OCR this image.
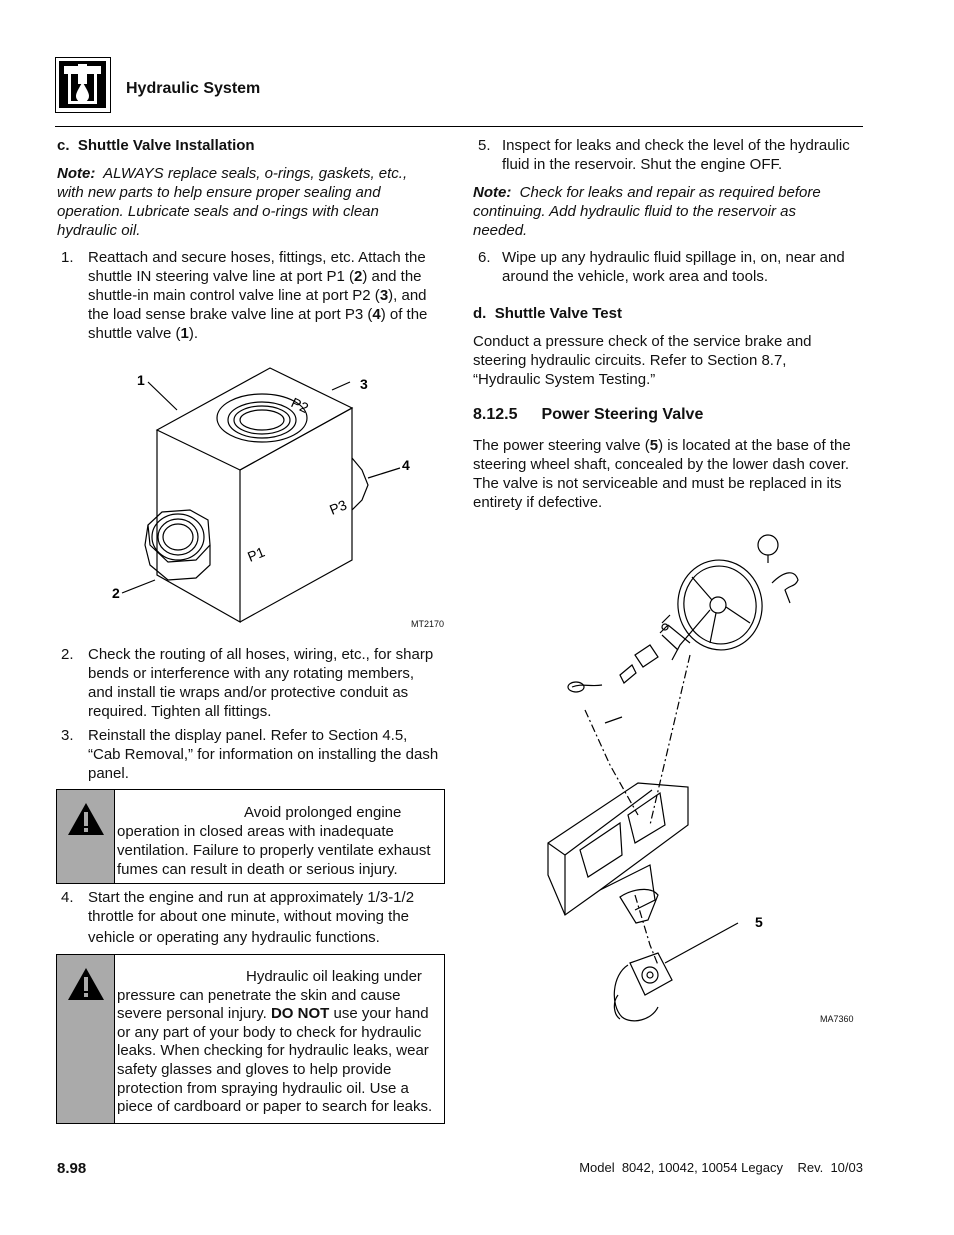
Hydraulic System
c. Shuttle Valve Installation
Note: ALWAYS replace seals, o-rings, gaskets, etc., with new parts to help ensure proper sealing and operation. Lubricate seals and o-rings with clean hydraulic oil.
1. Reattach and secure hoses, fittings, etc. Attach the
shuttle IN steering valve line at port P1 (2) and the
shuttle-in main control valve line at port P2 (3), and
the load sense brake valve line at port P3 (4) of the
shuttle valve (1).
P2
P3
P1
1
2
3
4
MT2170
2. Check the routing of all hoses, wiring, etc., for sharp
bends or interference with any rotating members,
and install tie wraps and/or protective conduit as
required. Tighten all fittings.
3. Reinstall the display panel. Refer to Section 4.5,
“Cab Removal,” for information on installing the dash
panel.
Avoid prolonged engine
operation in closed areas with inadequate
ventilation. Failure to properly ventilate exhaust
fumes can result in death or serious injury.
4. Start the engine and run at approximately 1/3-1/2
throttle for about one minute, without moving the
vehicle or operating any hydraulic functions.
Hydraulic oil leaking under
pressure can penetrate the skin and cause
severe personal injury. DO NOT use your hand
or any part of your body to check for hydraulic
leaks. When checking for hydraulic leaks, wear
safety glasses and gloves to help provide
protection from spraying hydraulic oil. Use a
piece of cardboard or paper to search for leaks.
5. Inspect for leaks and check the level of the hydraulic
fluid in the reservoir. Shut the engine OFF.
Note: Check for leaks and repair as required before
continuing. Add hydraulic fluid to the reservoir as
needed.
6. Wipe up any hydraulic fluid spillage in, on, near and
around the vehicle, work area and tools.
d. Shuttle Valve Test
Conduct a pressure check of the service brake and
steering hydraulic circuits. Refer to Section 8.7,
“Hydraulic System Testing.”
8.12.5 Power Steering Valve
The power steering valve (5) is located at the base of the
steering wheel shaft, concealed by the lower dash cover.
The valve is not serviceable and must be replaced in its
entirety if defective.
5
MA7360
8.98	Model  8042, 10042, 10054 Legacy    Rev.  10/03
